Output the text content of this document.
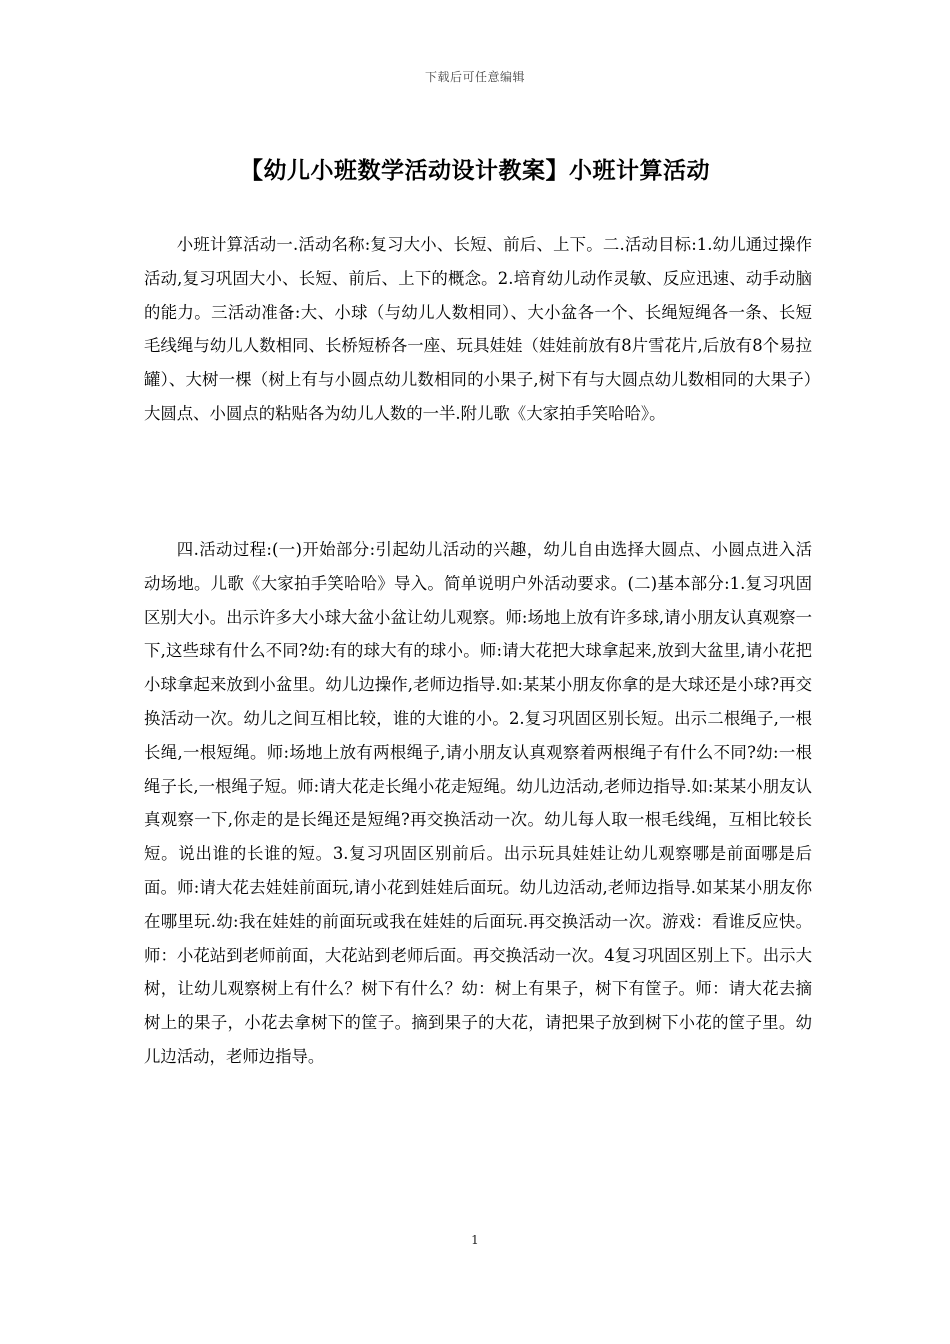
下载后可任意编辑
【幼儿小班数学活动设计教案】小班计算活动

小班计算活动一.活动名称:复习大小、长短、前后、上下。二.活动目标:1.幼儿通过操作活动,复习巩固大小、长短、前后、上下的概念。2.培育幼儿动作灵敏、反应迅速、动手动脑的能力。三活动准备:大、小球（与幼儿人数相同）、大小盆各一个、长绳短绳各一条、长短毛线绳与幼儿人数相同、长桥短桥各一座、玩具娃娃（娃娃前放有8片雪花片,后放有8个易拉罐）、大树一棵（树上有与小圆点幼儿数相同的小果子,树下有与大圆点幼儿数相同的大果子）大圆点、小圆点的粘贴各为幼儿人数的一半.附儿歌《大家拍手笑哈哈》。

四.活动过程:(一)开始部分:引起幼儿活动的兴趣，幼儿自由选择大圆点、小圆点进入活动场地。儿歌《大家拍手笑哈哈》导入。简单说明户外活动要求。(二)基本部分:1.复习巩固区别大小。出示许多大小球大盆小盆让幼儿观察。师:场地上放有许多球,请小朋友认真观察一下,这些球有什么不同?幼:有的球大有的球小。师:请大花把大球拿起来,放到大盆里,请小花把小球拿起来放到小盆里。幼儿边操作,老师边指导.如:某某小朋友你拿的是大球还是小球?再交换活动一次。幼儿之间互相比较，谁的大谁的小。2.复习巩固区别长短。出示二根绳子,一根长绳,一根短绳。师:场地上放有两根绳子,请小朋友认真观察着两根绳子有什么不同?幼:一根绳子长,一根绳子短。师:请大花走长绳小花走短绳。幼儿边活动,老师边指导.如:某某小朋友认真观察一下,你走的是长绳还是短绳?再交换活动一次。幼儿每人取一根毛线绳，互相比较长短。说出谁的长谁的短。3.复习巩固区别前后。出示玩具娃娃让幼儿观察哪是前面哪是后面。师:请大花去娃娃前面玩,请小花到娃娃后面玩。幼儿边活动,老师边指导.如某某小朋友你在哪里玩.幼:我在娃娃的前面玩或我在娃娃的后面玩.再交换活动一次。游戏：看谁反应快。师：小花站到老师前面，大花站到老师后面。再交换活动一次。4复习巩固区别上下。出示大树，让幼儿观察树上有什么？树下有什么？幼：树上有果子，树下有筐子。师：请大花去摘树上的果子，小花去拿树下的筐子。摘到果子的大花，请把果子放到树下小花的筐子里。幼儿边活动，老师边指导。

1
